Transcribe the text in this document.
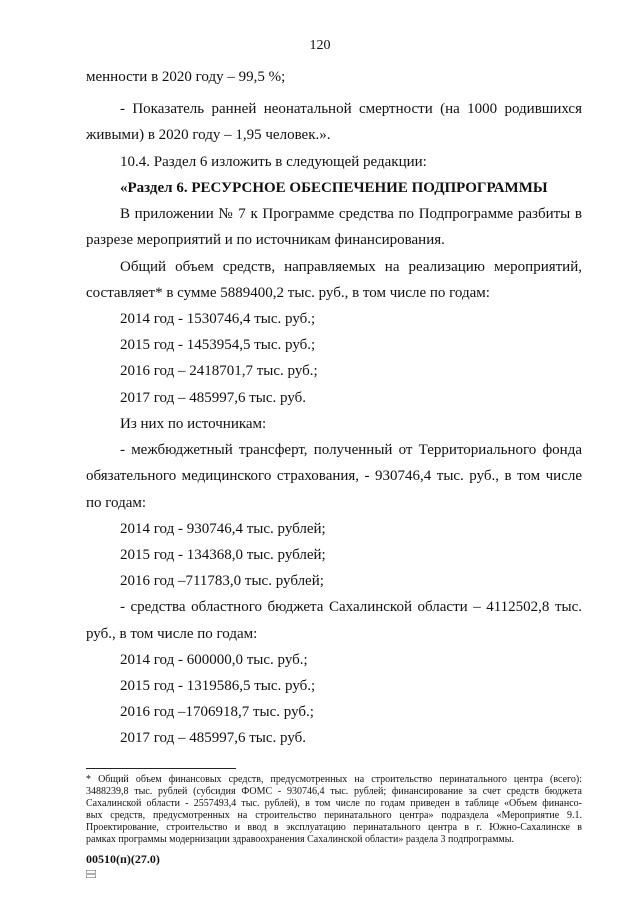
120
менности в 2020 году – 99,5 %;
- Показатель ранней неонатальной смертности (на 1000 родившихся
живыми) в 2020 году – 1,95 человек.».
10.4. Раздел 6 изложить в следующей редакции:
«Раздел 6. РЕСУРСНОЕ ОБЕСПЕЧЕНИЕ ПОДПРОГРАММЫ
В приложении № 7 к Программе средства по Подпрограмме разбиты в
разрезе мероприятий и по источникам финансирования.
Общий объем средств, направляемых на реализацию мероприятий,
составляет* в сумме 5889400,2 тыс. руб., в том числе по годам:
2014 год - 1530746,4 тыс. руб.;
2015 год - 1453954,5 тыс. руб.;
2016 год – 2418701,7 тыс. руб.;
2017 год – 485997,6 тыс. руб.
Из них по источникам:
- межбюджетный трансферт, полученный от Территориального фонда
обязательного медицинского страхования, - 930746,4 тыс. руб., в том числе
по годам:
2014 год - 930746,4 тыс. рублей;
2015 год - 134368,0 тыс. рублей;
2016 год –711783,0 тыс. рублей;
- средства областного бюджета Сахалинской области – 4112502,8 тыс.
руб., в том числе по годам:
2014 год - 600000,0 тыс. руб.;
2015 год - 1319586,5 тыс. руб.;
2016 год –1706918,7 тыс. руб.;
2017 год – 485997,6 тыс. руб.
* Общий объем финансовых средств, предусмотренных на строительство перинатального центра (всего):
3488239,8 тыс. рублей (субсидия ФОМС - 930746,4 тыс. рублей; финансирование за счет средств бюджета
Сахалинской области - 2557493,4 тыс. рублей), в том числе по годам приведен в таблице «Объем финансо-
вых средств, предусмотренных на строительство перинатального центра» подраздела «Мероприятие 9.1.
Проектирование, строительство и ввод в эксплуатацию перинатального центра в г. Южно-Сахалинске в
рамках программы модернизации здравоохранения Сахалинской области» раздела 3 подпрограммы.
00510(п)(27.0)
